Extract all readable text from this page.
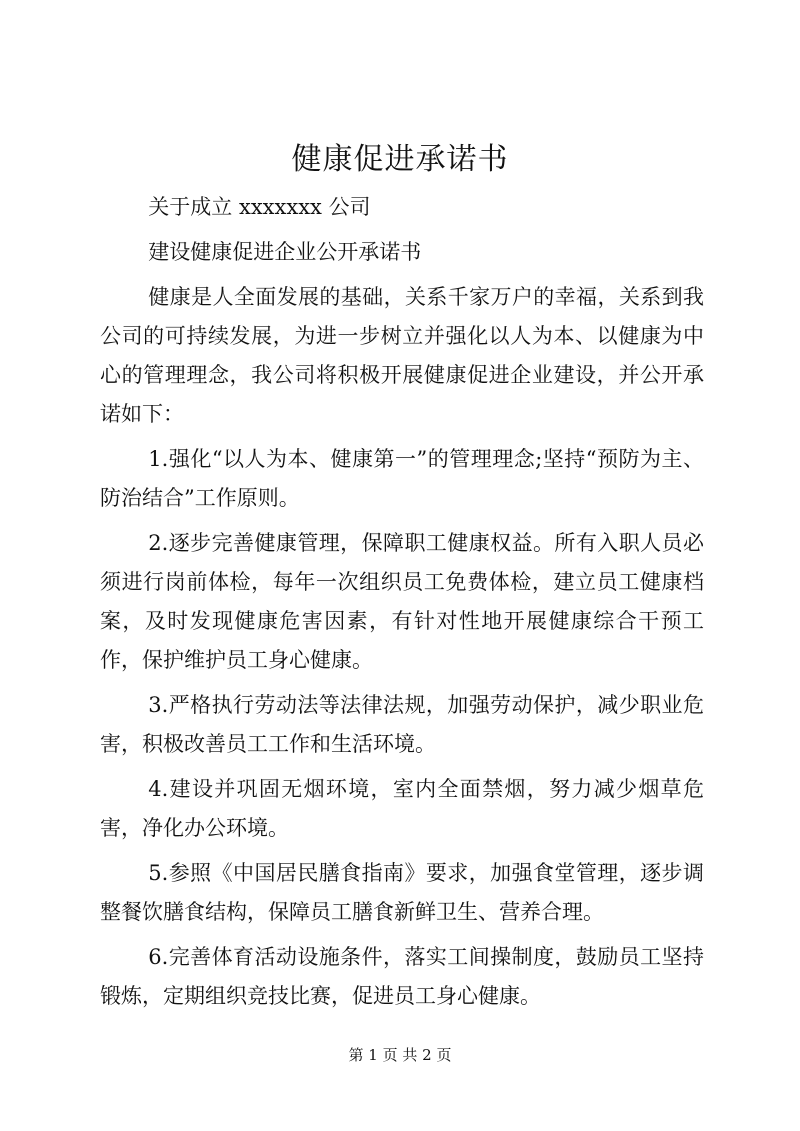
健康促进承诺书

关于成立 xxxxxxx 公司

建设健康促进企业公开承诺书

健康是人全面发展的基础，关系千家万户的幸福，关系到我公司的可持续发展，为进一步树立并强化以人为本、以健康为中心的管理理念，我公司将积极开展健康促进企业建设，并公开承诺如下：

1.强化“以人为本、健康第一”的管理理念;坚持“预防为主、防治结合”工作原则。

2.逐步完善健康管理，保障职工健康权益。所有入职人员必须进行岗前体检，每年一次组织员工免费体检，建立员工健康档案，及时发现健康危害因素，有针对性地开展健康综合干预工作，保护维护员工身心健康。

3.严格执行劳动法等法律法规，加强劳动保护，减少职业危害，积极改善员工工作和生活环境。

4.建设并巩固无烟环境，室内全面禁烟，努力减少烟草危害，净化办公环境。

5.参照《中国居民膳食指南》要求，加强食堂管理，逐步调整餐饮膳食结构，保障员工膳食新鲜卫生、营养合理。

6.完善体育活动设施条件，落实工间操制度，鼓励员工坚持锻炼，定期组织竞技比赛，促进员工身心健康。

第 1 页 共 2 页
